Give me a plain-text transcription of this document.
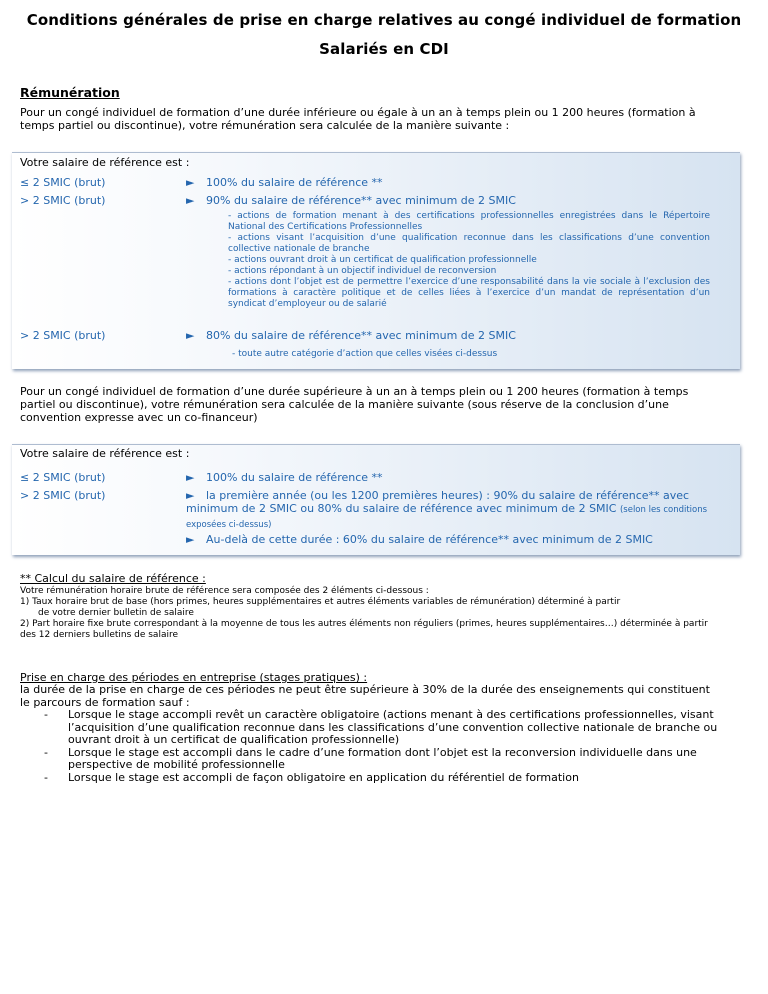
Conditions générales de prise en charge relatives au congé individuel de formation
Salariés en CDI
Rémunération
Pour un congé individuel de formation d’une durée inférieure ou égale à un an à temps plein ou 1 200 heures (formation à temps partiel ou discontinue), votre rémunération sera calculée de la manière suivante :
Votre salaire de référence est :
≤ 2 SMIC (brut)	► 100% du salaire de référence **
> 2 SMIC (brut)	► 90% du salaire de référence** avec minimum de 2 SMIC
- actions de formation menant à des certifications professionnelles enregistrées dans le Répertoire National des Certifications Professionnelles
- actions visant l’acquisition d’une qualification reconnue dans les classifications d’une convention collective nationale de branche
- actions ouvrant droit à un certificat de qualification professionnelle
- actions répondant à un objectif individuel de reconversion
- actions dont l’objet est de permettre l’exercice d’une responsabilité dans la vie sociale à l’exclusion des formations à caractère politique et de celles liées à l’exercice d’un mandat de représentation d’un syndicat d’employeur ou de salarié
> 2 SMIC (brut)	► 80% du salaire de référence** avec minimum de 2 SMIC
- toute autre catégorie d’action que celles visées ci-dessus
Pour un congé individuel de formation d’une durée supérieure à un an à temps plein ou 1 200 heures (formation à temps partiel ou discontinue), votre rémunération sera calculée de la manière suivante (sous réserve de la conclusion d’une convention expresse avec un co-financeur)
Votre salaire de référence est :
≤ 2 SMIC (brut)	► 100% du salaire de référence **
> 2 SMIC (brut)	► la première année (ou les 1200 premières heures) : 90% du salaire de référence** avec minimum de 2 SMIC ou 80% du salaire de référence avec minimum de 2 SMIC (selon les conditions exposées ci-dessus)
► Au-delà de cette durée : 60% du salaire de référence** avec minimum de 2 SMIC
** Calcul du salaire de référence :
Votre rémunération horaire brute de référence sera composée des 2 éléments ci-dessous :
1) Taux horaire brut de base (hors primes, heures supplémentaires et autres éléments variables de rémunération) déterminé à partir
de votre dernier bulletin de salaire
2) Part horaire fixe brute correspondant à la moyenne de tous les autres éléments non réguliers (primes, heures supplémentaires…) déterminée à partir des 12 derniers bulletins de salaire
Prise en charge des périodes en entreprise (stages pratiques) :
la durée de la prise en charge de ces périodes ne peut être supérieure à 30% de la durée des enseignements qui constituent le parcours de formation sauf :
- Lorsque le stage accompli revêt un caractère obligatoire (actions menant à des certifications professionnelles, visant l’acquisition d’une qualification reconnue dans les classifications d’une convention collective nationale de branche ou ouvrant droit à un certificat de qualification professionnelle)
- Lorsque le stage est accompli dans le cadre d’une formation dont l’objet est la reconversion individuelle dans une perspective de mobilité professionnelle
- Lorsque le stage est accompli de façon obligatoire en application du référentiel de formation
